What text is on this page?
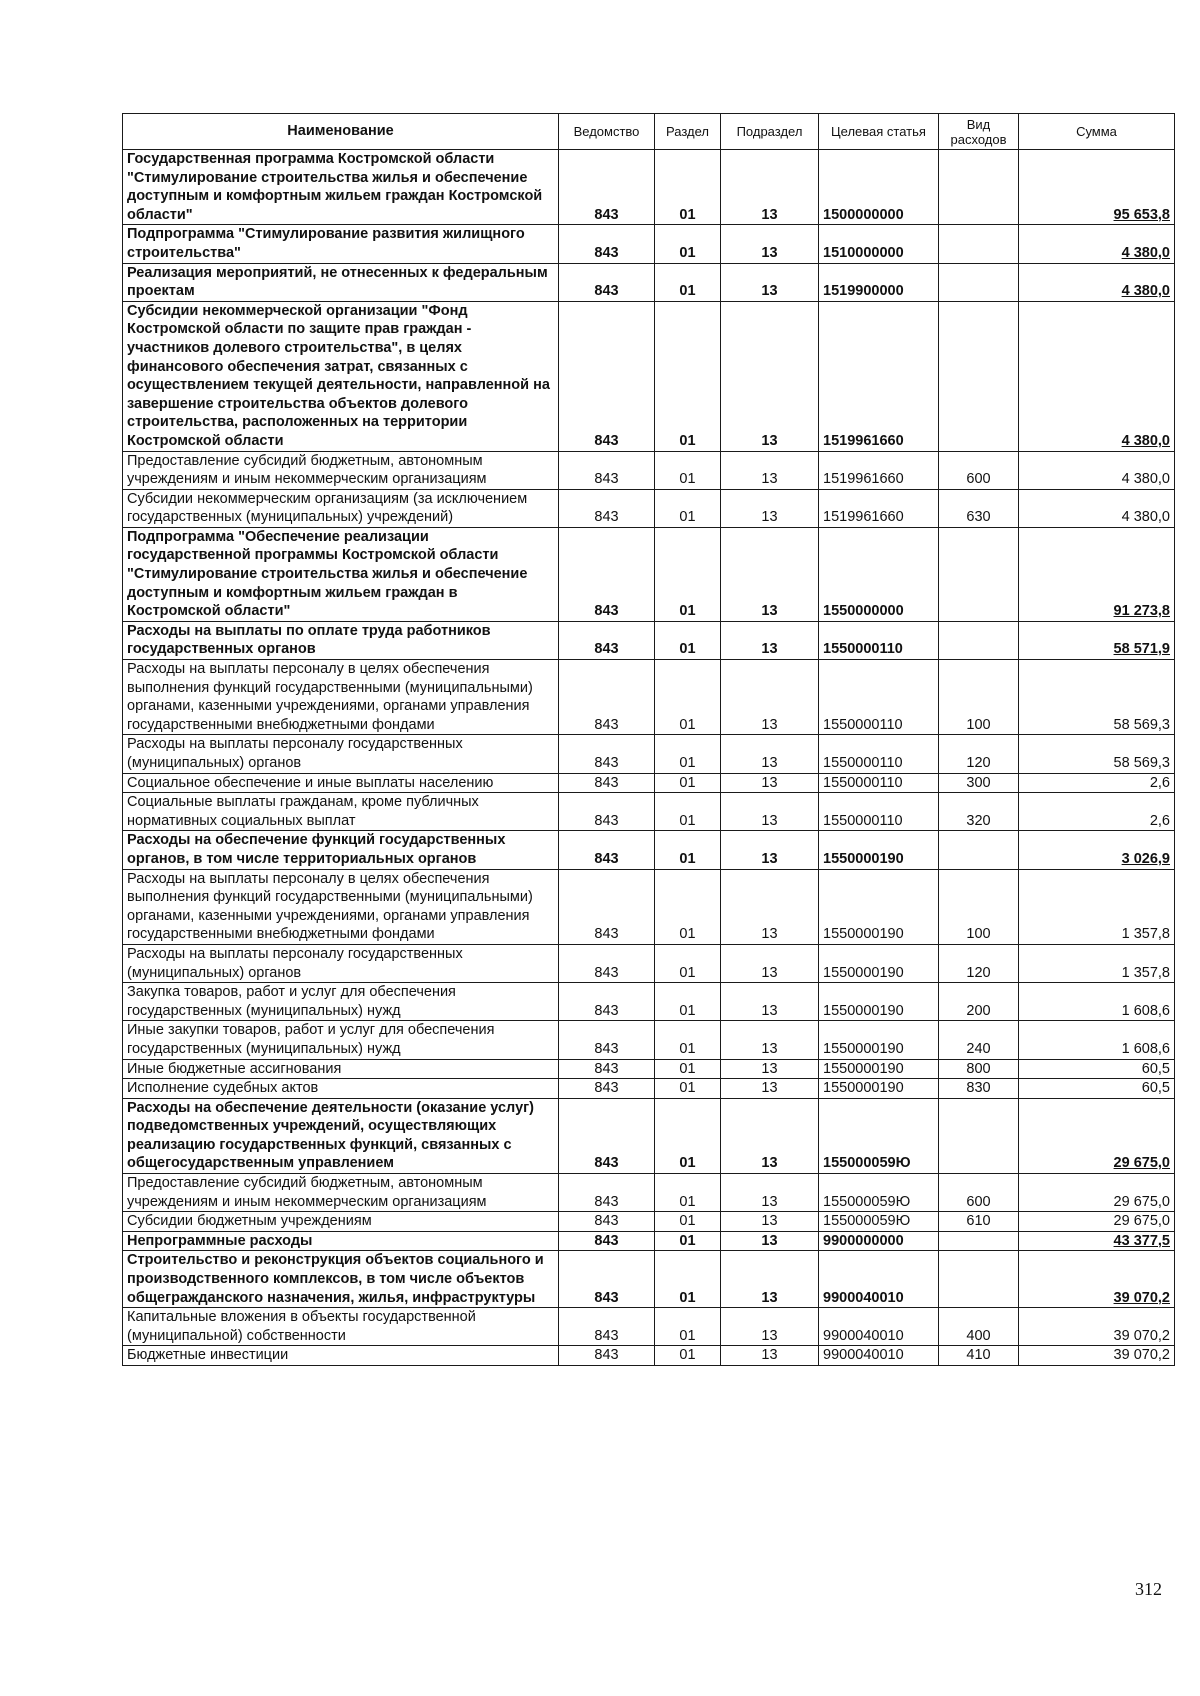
Наименование	Ведомство	Раздел	Подраздел	Целевая статья	Вид расходов	Сумма
Государственная программа Костромской области "Стимулирование строительства жилья и обеспечение доступным и комфортным жильем граждан Костромской области"	843	01	13	1500000000		95 653,8
Подпрограмма "Стимулирование развития жилищного строительства"	843	01	13	1510000000		4 380,0
Реализация мероприятий, не отнесенных к федеральным проектам	843	01	13	1519900000		4 380,0
Субсидии некоммерческой организации "Фонд Костромской области по защите прав граждан - участников долевого строительства", в целях финансового обеспечения затрат, связанных с осуществлением текущей деятельности, направленной на завершение строительства объектов долевого строительства, расположенных на территории Костромской области	843	01	13	1519961660		4 380,0
Предоставление субсидий бюджетным, автономным учреждениям и иным некоммерческим организациям	843	01	13	1519961660	600	4 380,0
Субсидии некоммерческим организациям (за исключением государственных (муниципальных) учреждений)	843	01	13	1519961660	630	4 380,0
Подпрограмма "Обеспечение реализации государственной программы Костромской области "Стимулирование строительства жилья и обеспечение доступным и комфортным жильем граждан в Костромской области"	843	01	13	1550000000		91 273,8
Расходы на выплаты по оплате труда работников государственных органов	843	01	13	1550000110		58 571,9
Расходы на выплаты персоналу в целях обеспечения выполнения функций государственными (муниципальными) органами, казенными учреждениями, органами управления государственными внебюджетными фондами	843	01	13	1550000110	100	58 569,3
Расходы на выплаты персоналу государственных (муниципальных) органов	843	01	13	1550000110	120	58 569,3
Социальное обеспечение и иные выплаты населению	843	01	13	1550000110	300	2,6
Социальные выплаты гражданам, кроме публичных нормативных социальных выплат	843	01	13	1550000110	320	2,6
Расходы на обеспечение функций государственных органов, в том числе территориальных органов	843	01	13	1550000190		3 026,9
Расходы на выплаты персоналу в целях обеспечения выполнения функций государственными (муниципальными) органами, казенными учреждениями, органами управления государственными внебюджетными фондами	843	01	13	1550000190	100	1 357,8
Расходы на выплаты персоналу государственных (муниципальных) органов	843	01	13	1550000190	120	1 357,8
Закупка товаров, работ и услуг для обеспечения государственных (муниципальных) нужд	843	01	13	1550000190	200	1 608,6
Иные закупки товаров, работ и услуг для обеспечения государственных (муниципальных) нужд	843	01	13	1550000190	240	1 608,6
Иные бюджетные ассигнования	843	01	13	1550000190	800	60,5
Исполнение судебных актов	843	01	13	1550000190	830	60,5
Расходы на обеспечение деятельности (оказание услуг) подведомственных учреждений, осуществляющих реализацию государственных функций, связанных с общегосударственным управлением	843	01	13	155000059Ю		29 675,0
Предоставление субсидий бюджетным, автономным учреждениям и иным некоммерческим организациям	843	01	13	155000059Ю	600	29 675,0
Субсидии бюджетным учреждениям	843	01	13	155000059Ю	610	29 675,0
Непрограммные расходы	843	01	13	9900000000		43 377,5
Строительство и реконструкция объектов социального и производственного комплексов, в том числе объектов общегражданского назначения, жилья, инфраструктуры	843	01	13	9900040010		39 070,2
Капитальные вложения в объекты государственной (муниципальной) собственности	843	01	13	9900040010	400	39 070,2
Бюджетные инвестиции	843	01	13	9900040010	410	39 070,2
312
